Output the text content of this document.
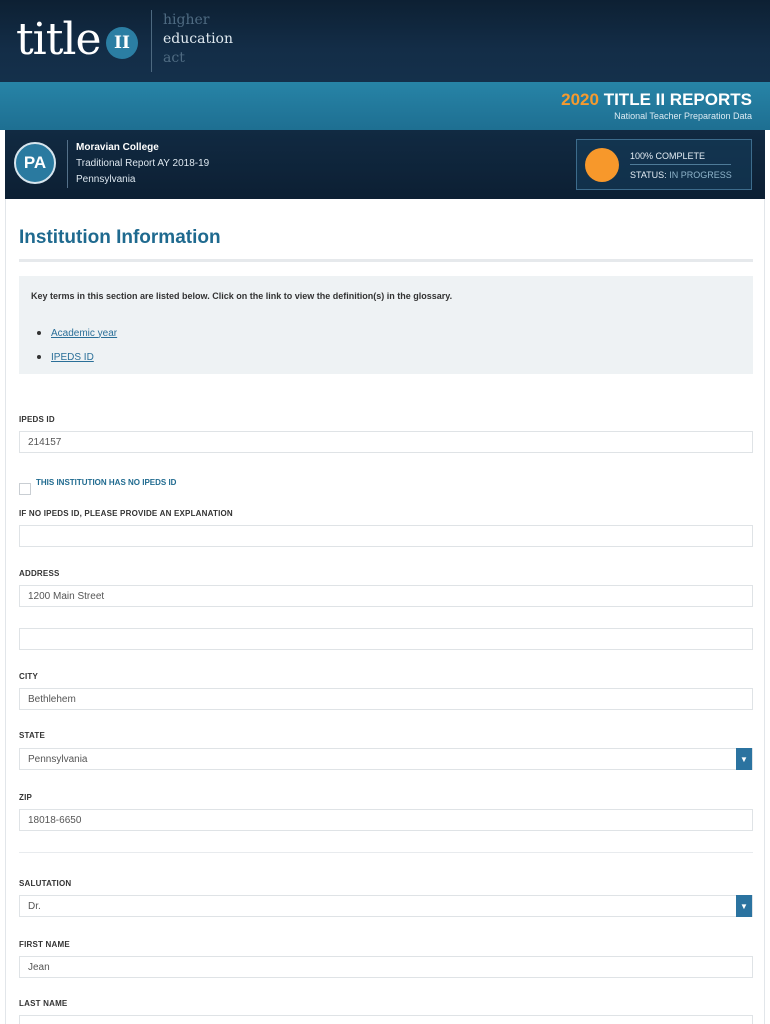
title II
higher
education
act
2020 TITLE II REPORTS
National Teacher Preparation Data
PA
Moravian College
Traditional Report AY 2018-19
Pennsylvania
100% COMPLETE
STATUS: IN PROGRESS
Institution Information
Key terms in this section are listed below. Click on the link to view the definition(s) in the glossary.
Academic year
IPEDS ID
IPEDS ID
214157
THIS INSTITUTION HAS NO IPEDS ID
IF NO IPEDS ID, PLEASE PROVIDE AN EXPLANATION
ADDRESS
1200 Main Street
CITY
Bethlehem
STATE
Pennsylvania	▼
ZIP
18018-6650
SALUTATION
Dr.	▼
FIRST NAME
Jean
LAST NAME
